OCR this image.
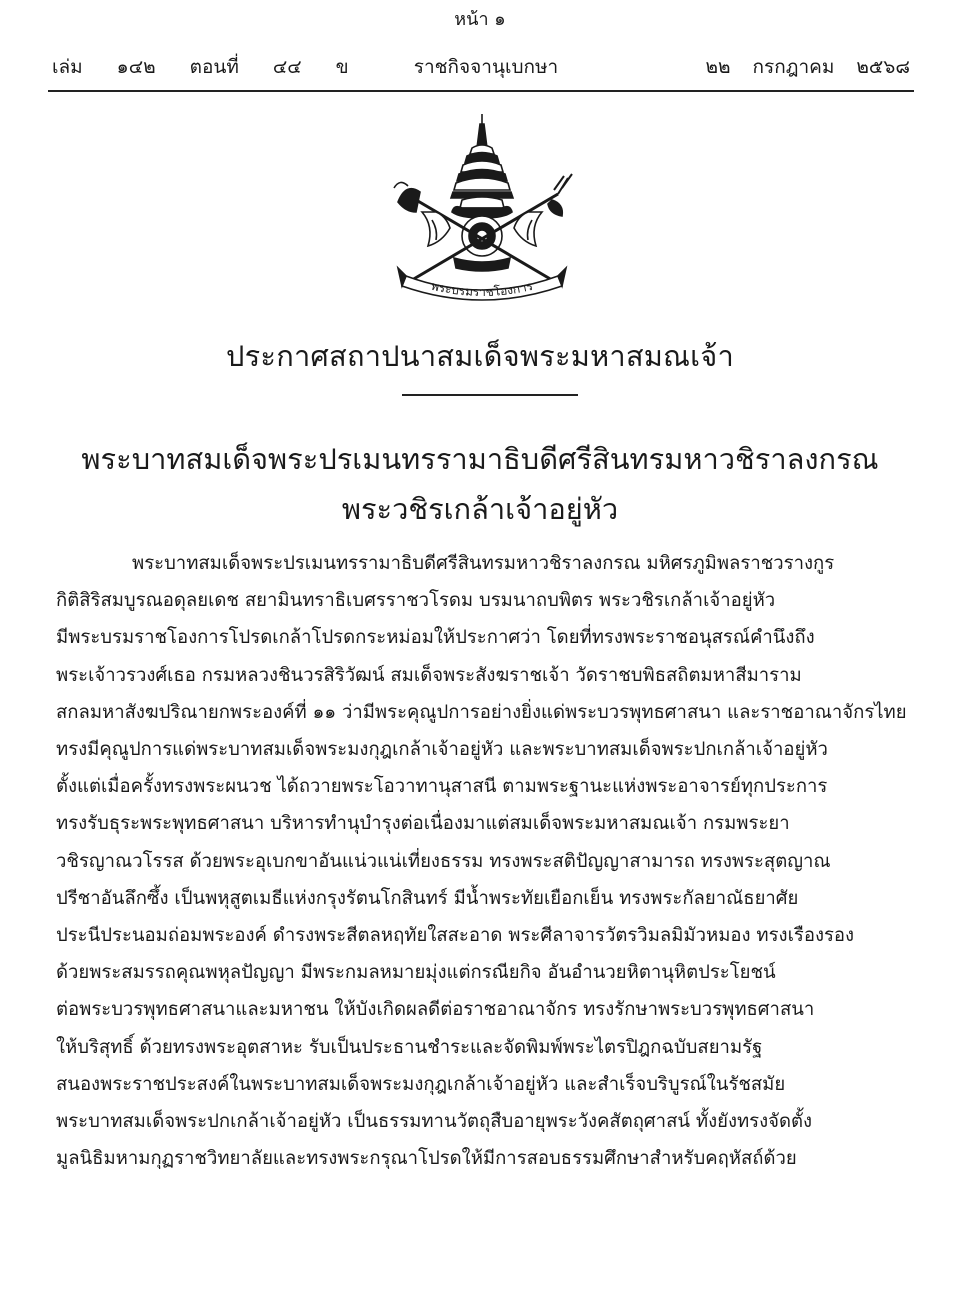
หน้า ๑
เล่ม ๑๔๒ ตอนที่ ๔๔ ข	ราชกิจจานุเบกษา	๒๒ กรกฎาคม ๒๕๖๘
พระบรมราชโองการ
ประกาศสถาปนาสมเด็จพระมหาสมณเจ้า
พระบาทสมเด็จพระปรเมนทรรามาธิบดีศรีสินทรมหาวชิราลงกรณ
พระวชิรเกล้าเจ้าอยู่หัว
พระบาทสมเด็จพระปรเมนทรรามาธิบดีศรีสินทรมหาวชิราลงกรณ มหิศรภูมิพลราชวรางกูร
กิติสิริสมบูรณอดุลยเดช สยามินทราธิเบศรราชวโรดม บรมนาถบพิตร พระวชิรเกล้าเจ้าอยู่หัว
มีพระบรมราชโองการโปรดเกล้าโปรดกระหม่อมให้ประกาศว่า โดยที่ทรงพระราชอนุสรณ์คำนึงถึง
พระเจ้าวรวงศ์เธอ กรมหลวงชินวรสิริวัฒน์ สมเด็จพระสังฆราชเจ้า วัดราชบพิธสถิตมหาสีมาราม
สกลมหาสังฆปริณายกพระองค์ที่ ๑๑ ว่ามีพระคุณูปการอย่างยิ่งแด่พระบวรพุทธศาสนา และราชอาณาจักรไทย
ทรงมีคุณูปการแด่พระบาทสมเด็จพระมงกุฎเกล้าเจ้าอยู่หัว และพระบาทสมเด็จพระปกเกล้าเจ้าอยู่หัว
ตั้งแต่เมื่อครั้งทรงพระผนวช ได้ถวายพระโอวาทานุสาสนี ตามพระฐานะแห่งพระอาจารย์ทุกประการ
ทรงรับธุระพระพุทธศาสนา บริหารทำนุบำรุงต่อเนื่องมาแต่สมเด็จพระมหาสมณเจ้า กรมพระยา
วชิรญาณวโรรส ด้วยพระอุเบกขาอันแน่วแน่เที่ยงธรรม ทรงพระสติปัญญาสามารถ ทรงพระสุตญาณ
ปรีชาอันลึกซึ้ง เป็นพหุสูตเมธีแห่งกรุงรัตนโกสินทร์ มีน้ำพระทัยเยือกเย็น ทรงพระกัลยาณัธยาศัย
ประนีประนอมถ่อมพระองค์ ดำรงพระสีตลหฤทัยใสสะอาด พระศีลาจารวัตรวิมลมิมัวหมอง ทรงเรืองรอง
ด้วยพระสมรรถคุณพหุลปัญญา มีพระกมลหมายมุ่งแต่กรณียกิจ อันอำนวยหิตานุหิตประโยชน์
ต่อพระบวรพุทธศาสนาและมหาชน ให้บังเกิดผลดีต่อราชอาณาจักร ทรงรักษาพระบวรพุทธศาสนา
ให้บริสุทธิ์ ด้วยทรงพระอุตสาหะ รับเป็นประธานชำระและจัดพิมพ์พระไตรปิฎกฉบับสยามรัฐ
สนองพระราชประสงค์ในพระบาทสมเด็จพระมงกุฎเกล้าเจ้าอยู่หัว และสำเร็จบริบูรณ์ในรัชสมัย
พระบาทสมเด็จพระปกเกล้าเจ้าอยู่หัว เป็นธรรมทานวัตถุสืบอายุพระวังคสัตถุศาสน์ ทั้งยังทรงจัดตั้ง
มูลนิธิมหามกุฏราชวิทยาลัยและทรงพระกรุณาโปรดให้มีการสอบธรรมศึกษาสำหรับคฤหัสถ์ด้วย
